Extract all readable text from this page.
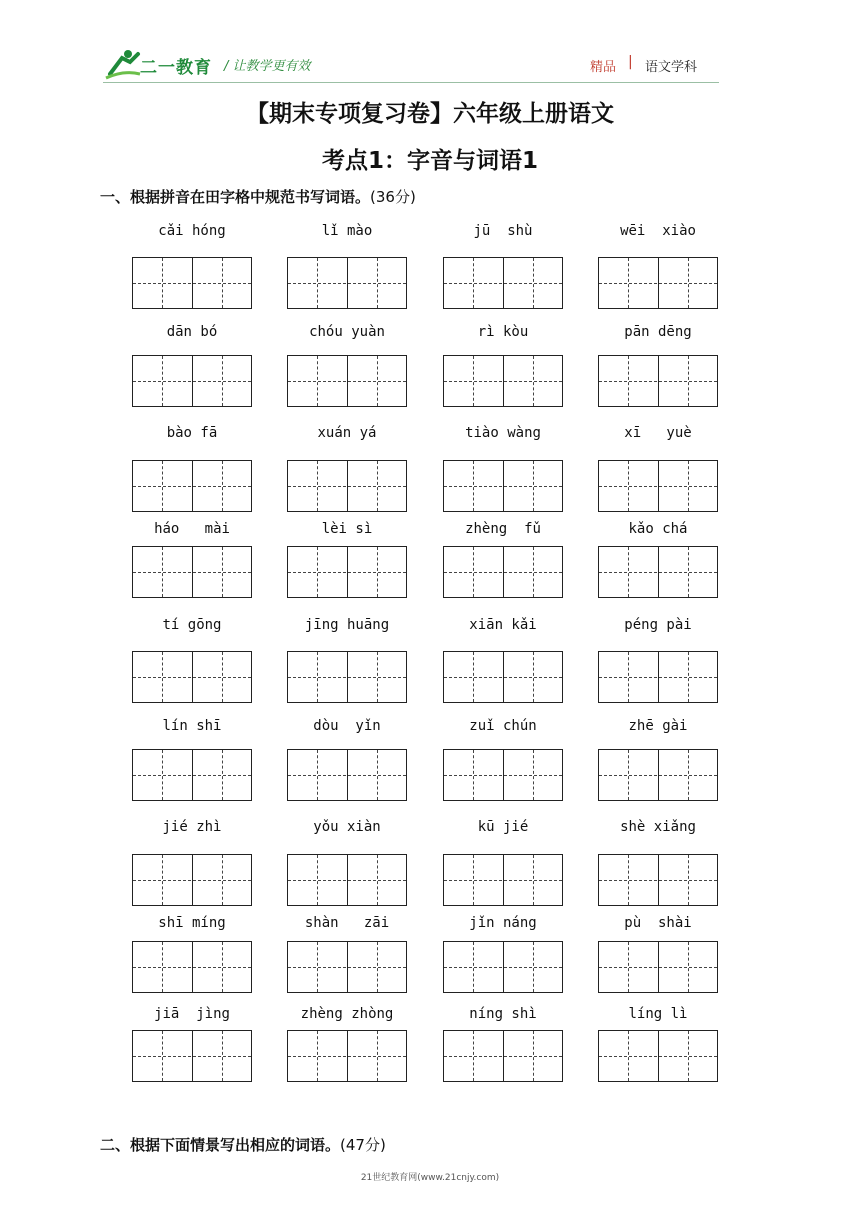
二一教育 / 让教学更有效	精品 | 语文学科
【期末专项复习卷】六年级上册语文
考点1：字音与词语1
一、根据拼音在田字格中规范书写词语。(36分)
cǎi hóng	lǐ mào	jū  shù	wēi  xiào
dān bó	chóu yuàn	rì kòu	pān dēng
bào fā	xuán yá	tiào wàng	xī   yuè
háo   mài	lèi sì	zhèng  fǔ	kǎo chá
tí gōng	jīng huāng	xiān kǎi	péng pài
lín shī	dòu  yǐn	zuǐ chún	zhē gài
jié zhì	yǒu xiàn	kū jié	shè xiǎng
shī míng	shàn   zāi	jǐn náng	pù  shài
jiā  jìng	zhèng zhòng	níng shì	líng lì
二、根据下面情景写出相应的词语。(47分)
21世纪教育网(www.21cnjy.com)
